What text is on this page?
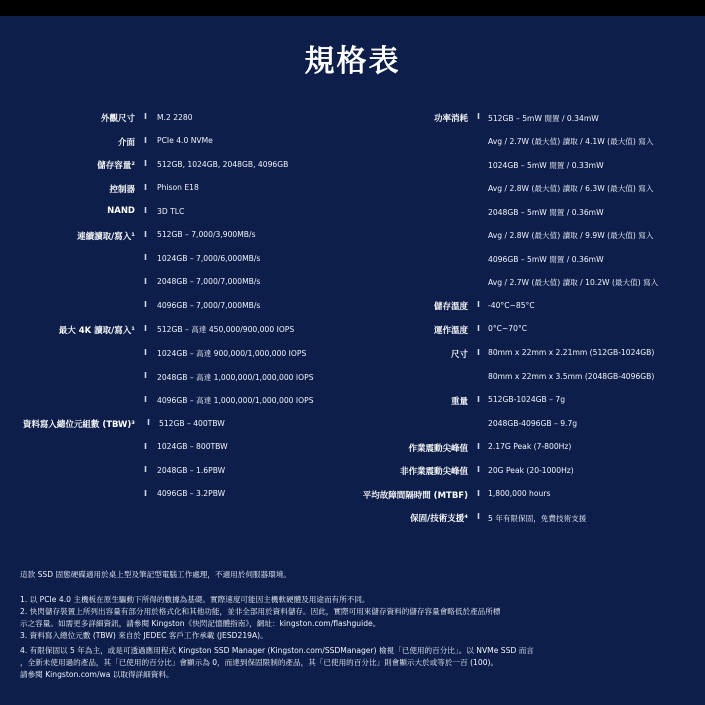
規格表
外觀尺寸 I M.2 2280
介面 I PCIe 4.0 NVMe
儲存容量² I 512GB, 1024GB, 2048GB, 4096GB
控制器 I Phison E18
NAND I 3D TLC
連續讀取/寫入¹ I 512GB – 7,000/3,900MB/s
I 1024GB – 7,000/6,000MB/s
I 2048GB – 7,000/7,000MB/s
I 4096GB – 7,000/7,000MB/s
最大 4K 讀取/寫入¹ I 512GB – 高達 450,000/900,000 IOPS
I 1024GB – 高達 900,000/1,000,000 IOPS
I 2048GB – 高達 1,000,000/1,000,000 IOPS
I 4096GB – 高達 1,000,000/1,000,000 IOPS
資料寫入總位元組數 (TBW)³ I 512GB – 400TBW
I 1024GB – 800TBW
I 2048GB – 1.6PBW
I 4096GB – 3.2PBW
功率消耗 I 512GB – 5mW 閒置 / 0.34mW
Avg / 2.7W (最大值) 讀取 / 4.1W (最大值) 寫入
1024GB – 5mW 閒置 / 0.33mW
Avg / 2.8W (最大值) 讀取 / 6.3W (最大值) 寫入
2048GB – 5mW 閒置 / 0.36mW
Avg / 2.8W (最大值) 讀取 / 9.9W (最大值) 寫入
4096GB – 5mW 閒置 / 0.36mW
Avg / 2.7W (最大值) 讀取 / 10.2W (最大值) 寫入
儲存溫度 I -40°C~85°C
運作溫度 I 0°C~70°C
尺寸 I 80mm x 22mm x 2.21mm (512GB-1024GB)
80mm x 22mm x 3.5mm (2048GB-4096GB)
重量 I 512GB-1024GB – 7g
2048GB-4096GB – 9.7g
作業震動尖峰值 I 2.17G Peak (7-800Hz)
非作業震動尖峰值 I 20G Peak (20-1000Hz)
平均故障間隔時間 (MTBF) I 1,800,000 hours
保固/技術支援⁴ I 5 年有限保固，免費技術支援
這款 SSD 固態硬碟適用於桌上型及筆記型電腦工作處理，不適用於伺服器環境。
1. 以 PCIe 4.0 主機板在原生驅動下所得的數據為基礎。實際速度可能因主機軟硬體及用途而有所不同。
2. 快閃儲存裝置上所列出容量有部分用於格式化和其他功能，並非全部用於資料儲存。因此，實際可用來儲存資料的儲存容量會略低於產品所標
示之容量。如需更多詳細資訊，請參閱 Kingston《快閃記憶體指南》，網址：kingston.com/flashguide。
3. 資料寫入總位元數 (TBW) 來自於 JEDEC 客戶工作承載 (JESD219A)。
4. 有限保固以 5 年為主，或是可透過應用程式 Kingston SSD Manager (Kingston.com/SSDManager) 檢視「已使用的百分比」。以 NVMe SSD 而言
，全新未使用過的產品，其「已使用的百分比」會顯示為 0，而達到保固限制的產品，其「已使用的百分比」則會顯示大於或等於一百 (100)。
請參閱 Kingston.com/wa 以取得詳細資料。
